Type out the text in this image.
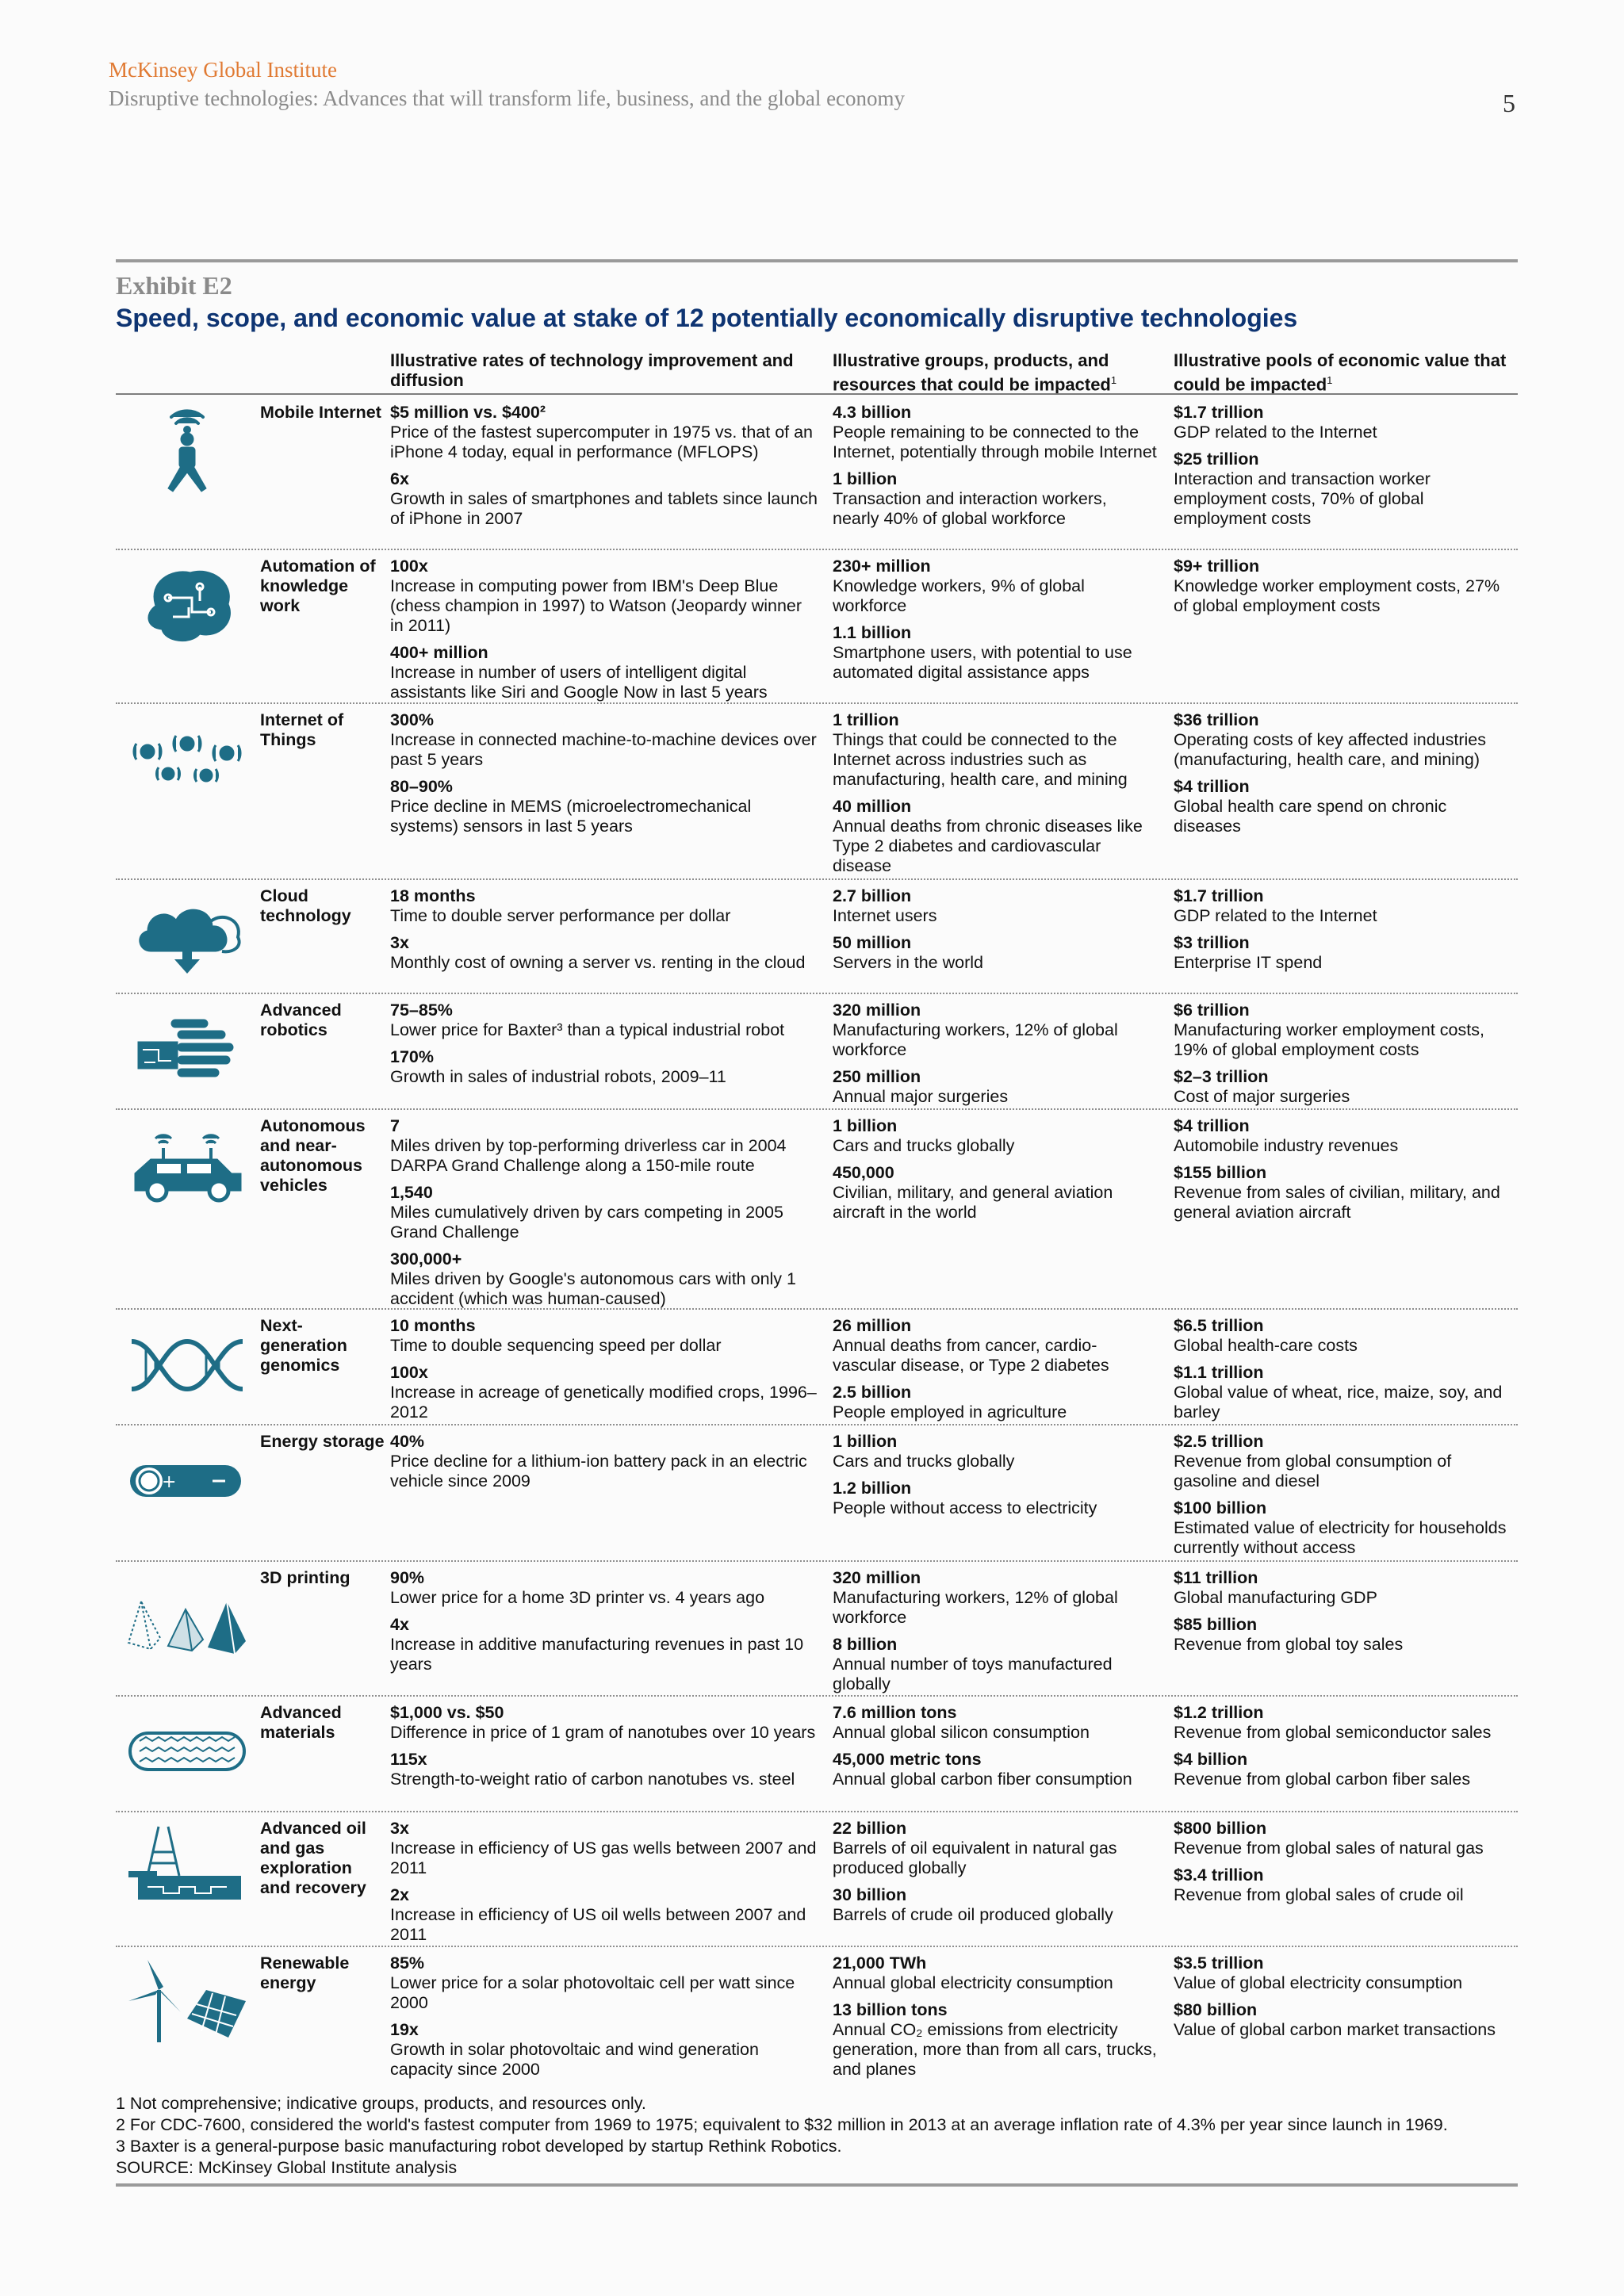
McKinsey Global Institute
Disruptive technologies: Advances that will transform life, business, and the global economy	5
Exhibit E2
Speed, scope, and economic value at stake of 12 potentially economically disruptive technologies
Illustrative rates of technology improvement and diffusion
Illustrative groups, products, and resources that could be impacted$^1$
Illustrative pools of economic value that could be impacted$^1$
Mobile Internet $5 million vs. $400²
Price of the fastest supercomputer in 1975 vs. that of an iPhone 4 today, equal in performance (MFLOPS)
6x
Growth in sales of smartphones and tablets since launch of iPhone in 2007
4.3 billion
People remaining to be connected to the Internet, potentially through mobile Internet
1 billion
Transaction and interaction workers, nearly 40% of global workforce
$1.7 trillion
GDP related to the Internet
$25 trillion
Interaction and transaction worker employment costs, 70% of global employment costs
Automation of knowledge work
100x
Increase in computing power from IBM's Deep Blue (chess champion in 1997) to Watson (Jeopardy winner in 2011)
400+ million
Increase in number of users of intelligent digital assistants like Siri and Google Now in last 5 years
230+ million
Knowledge workers, 9% of global workforce
1.1 billion
Smartphone users, with potential to use automated digital assistance apps
$9+ trillion
Knowledge worker employment costs, 27% of global employment costs
Internet of Things
300%
Increase in connected machine-to-machine devices over past 5 years
80–90%
Price decline in MEMS (microelectromechanical systems) sensors in last 5 years
1 trillion
Things that could be connected to the Internet across industries such as manufacturing, health care, and mining
40 million
Annual deaths from chronic diseases like Type 2 diabetes and cardiovascular disease
$36 trillion
Operating costs of key affected industries (manufacturing, health care, and mining)
$4 trillion
Global health care spend on chronic diseases
Cloud technology
18 months
Time to double server performance per dollar
3x
Monthly cost of owning a server vs. renting in the cloud
2.7 billion
Internet users
50 million
Servers in the world
$1.7 trillion
GDP related to the Internet
$3 trillion
Enterprise IT spend
Advanced robotics
75–85%
Lower price for Baxter³ than a typical industrial robot
170%
Growth in sales of industrial robots, 2009–11
320 million
Manufacturing workers, 12% of global workforce
250 million
Annual major surgeries
$6 trillion
Manufacturing worker employment costs, 19% of global employment costs
$2–3 trillion
Cost of major surgeries
Autonomous and near-autonomous vehicles
7
Miles driven by top-performing driverless car in 2004 DARPA Grand Challenge along a 150-mile route
1,540
Miles cumulatively driven by cars competing in 2005 Grand Challenge
300,000+
Miles driven by Google's autonomous cars with only 1 accident (which was human-caused)
1 billion
Cars and trucks globally
450,000
Civilian, military, and general aviation aircraft in the world
$4 trillion
Automobile industry revenues
$155 billion
Revenue from sales of civilian, military, and general aviation aircraft
Next-generation genomics
10 months
Time to double sequencing speed per dollar
100x
Increase in acreage of genetically modified crops, 1996–2012
26 million
Annual deaths from cancer, cardio-vascular disease, or Type 2 diabetes
2.5 billion
People employed in agriculture
$6.5 trillion
Global health-care costs
$1.1 trillion
Global value of wheat, rice, maize, soy, and barley
+
Energy storage 40%
Price decline for a lithium-ion battery pack in an electric vehicle since 2009
1 billion
Cars and trucks globally
1.2 billion
People without access to electricity
$2.5 trillion
Revenue from global consumption of gasoline and diesel
$100 billion
Estimated value of electricity for households currently without access
3D printing	90%
Lower price for a home 3D printer vs. 4 years ago
4x
Increase in additive manufacturing revenues in past 10 years
320 million
Manufacturing workers, 12% of global workforce
8 billion
Annual number of toys manufactured globally
$11 trillion
Global manufacturing GDP
$85 billion
Revenue from global toy sales
Advanced materials
$1,000 vs. $50
Difference in price of 1 gram of nanotubes over 10 years
115x
Strength-to-weight ratio of carbon nanotubes vs. steel
7.6 million tons
Annual global silicon consumption
45,000 metric tons
Annual global carbon fiber consumption
$1.2 trillion
Revenue from global semiconductor sales
$4 billion
Revenue from global carbon fiber sales
Advanced oil and gas exploration and recovery
3x
Increase in efficiency of US gas wells between 2007 and 2011
2x
Increase in efficiency of US oil wells between 2007 and 2011
22 billion
Barrels of oil equivalent in natural gas produced globally
30 billion
Barrels of crude oil produced globally
$800 billion
Revenue from global sales of natural gas
$3.4 trillion
Revenue from global sales of crude oil
Renewable energy
85%
Lower price for a solar photovoltaic cell per watt since 2000
19x
Growth in solar photovoltaic and wind generation capacity since 2000
21,000 TWh
Annual global electricity consumption
13 billion tons
Annual CO₂ emissions from electricity generation, more than from all cars, trucks, and planes
$3.5 trillion
Value of global electricity consumption
$80 billion
Value of global carbon market transactions
1 Not comprehensive; indicative groups, products, and resources only.
2 For CDC-7600, considered the world's fastest computer from 1969 to 1975; equivalent to $32 million in 2013 at an average inflation rate of 4.3% per year since launch in 1969.
3 Baxter is a general-purpose basic manufacturing robot developed by startup Rethink Robotics.
SOURCE: McKinsey Global Institute analysis
